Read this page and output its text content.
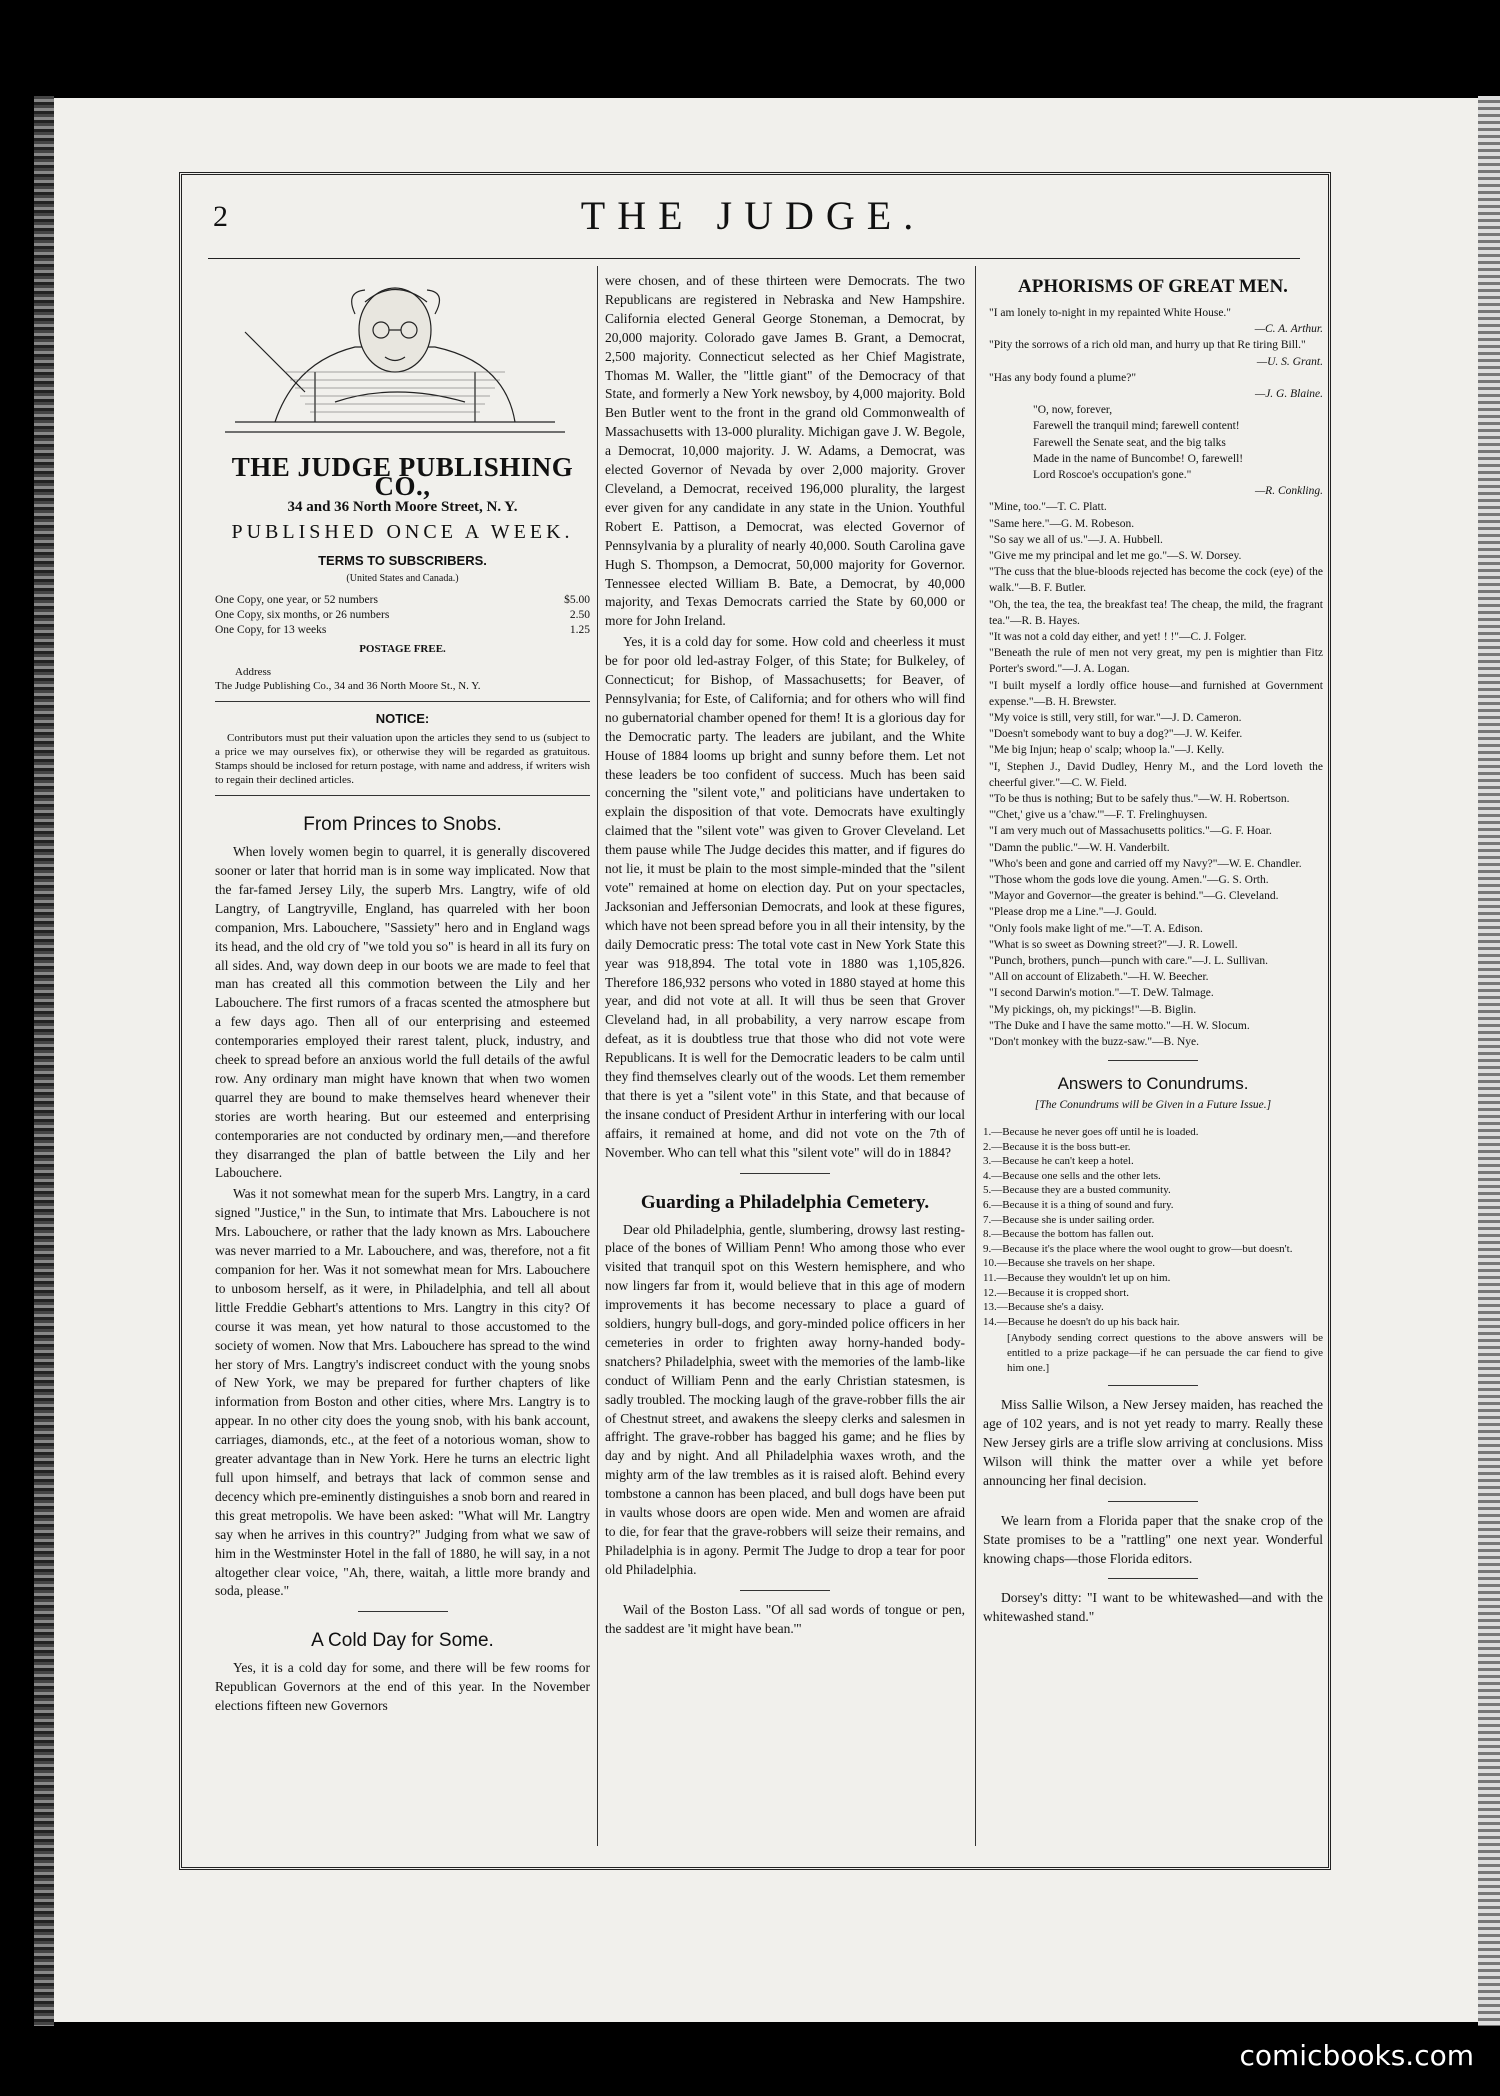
2	THE JUDGE.
THE JUDGE PUBLISHING CO.,
34 and 36 North Moore Street, N. Y.
PUBLISHED ONCE A WEEK.
TERMS TO SUBSCRIBERS.
(United States and Canada.)
One Copy, one year, or 52 numbers	$5.00
One Copy, six months, or 26 numbers	2.50
One Copy, for 13 weeks	1.25
POSTAGE FREE.
Address
The Judge Publishing Co., 34 and 36 North Moore St., N. Y.
NOTICE:
Contributors must put their valuation upon the articles they send to us (subject to a price we may ourselves fix), or otherwise they will be regarded as gratuitous. Stamps should be inclosed for return postage, with name and address, if writers wish to regain their declined articles.
From Princes to Snobs.

When lovely women begin to quarrel, it is generally discovered sooner or later that horrid man is in some way implicated. Now that the far-famed Jersey Lily, the superb Mrs. Langtry, wife of old Langtry, of Langtryville, England, has quarreled with her boon companion, Mrs. Labouchere, "Sassiety" hero and in England wags its head, and the old cry of "we told you so" is heard in all its fury on all sides. And, way down deep in our boots we are made to feel that man has created all this commotion between the Lily and her Labouchere. The first rumors of a fracas scented the atmosphere but a few days ago. Then all of our enterprising and esteemed contemporaries employed their rarest talent, pluck, industry, and cheek to spread before an anxious world the full details of the awful row. Any ordinary man might have known that when two women quarrel they are bound to make themselves heard whenever their stories are worth hearing. But our esteemed and enterprising contemporaries are not conducted by ordinary men,—and therefore they disarranged the plan of battle between the Lily and her Labouchere.

Was it not somewhat mean for the superb Mrs. Langtry, in a card signed "Justice," in the Sun, to intimate that Mrs. Labouchere is not Mrs. Labouchere, or rather that the lady known as Mrs. Labouchere was never married to a Mr. Labouchere, and was, therefore, not a fit companion for her. Was it not somewhat mean for Mrs. Labouchere to unbosom herself, as it were, in Philadelphia, and tell all about little Freddie Gebhart's attentions to Mrs. Langtry in this city? Of course it was mean, yet how natural to those accustomed to the society of women. Now that Mrs. Labouchere has spread to the wind her story of Mrs. Langtry's indiscreet conduct with the young snobs of New York, we may be prepared for further chapters of like information from Boston and other cities, where Mrs. Langtry is to appear. In no other city does the young snob, with his bank account, carriages, diamonds, etc., at the feet of a notorious woman, show to greater advantage than in New York. Here he turns an electric light full upon himself, and betrays that lack of common sense and decency which pre-eminently distinguishes a snob born and reared in this great metropolis. We have been asked: "What will Mr. Langtry say when he arrives in this country?" Judging from what we saw of him in the Westminster Hotel in the fall of 1880, he will say, in a not altogether clear voice, "Ah, there, waitah, a little more brandy and soda, please."

A Cold Day for Some.

Yes, it is a cold day for some, and there will be few rooms for Republican Governors at the end of this year. In the November elections fifteen new Governors

were chosen, and of these thirteen were Democrats. The two Republicans are registered in Nebraska and New Hampshire. California elected General George Stoneman, a Democrat, by 20,000 majority. Colorado gave James B. Grant, a Democrat, 2,500 majority. Connecticut selected as her Chief Magistrate, Thomas M. Waller, the "little giant" of the Democracy of that State, and formerly a New York newsboy, by 4,000 majority. Bold Ben Butler went to the front in the grand old Commonwealth of Massachusetts with 13-000 plurality. Michigan gave J. W. Begole, a Democrat, 10,000 majority. J. W. Adams, a Democrat, was elected Governor of Nevada by over 2,000 majority. Grover Cleveland, a Democrat, received 196,000 plurality, the largest ever given for any candidate in any state in the Union. Youthful Robert E. Pattison, a Democrat, was elected Governor of Pennsylvania by a plurality of nearly 40,000. South Carolina gave Hugh S. Thompson, a Democrat, 50,000 majority for Governor. Tennessee elected William B. Bate, a Democrat, by 40,000 majority, and Texas Democrats carried the State by 60,000 or more for John Ireland.

Yes, it is a cold day for some. How cold and cheerless it must be for poor old led-astray Folger, of this State; for Bulkeley, of Connecticut; for Bishop, of Massachusetts; for Beaver, of Pennsylvania; for Este, of California; and for others who will find no gubernatorial chamber opened for them! It is a glorious day for the Democratic party. The leaders are jubilant, and the White House of 1884 looms up bright and sunny before them. Let not these leaders be too confident of success. Much has been said concerning the "silent vote," and politicians have undertaken to explain the disposition of that vote. Democrats have exultingly claimed that the "silent vote" was given to Grover Cleveland. Let them pause while The Judge decides this matter, and if figures do not lie, it must be plain to the most simple-minded that the "silent vote" remained at home on election day. Put on your spectacles, Jacksonian and Jeffersonian Democrats, and look at these figures, which have not been spread before you in all their intensity, by the daily Democratic press: The total vote cast in New York State this year was 918,894. The total vote in 1880 was 1,105,826. Therefore 186,932 persons who voted in 1880 stayed at home this year, and did not vote at all. It will thus be seen that Grover Cleveland had, in all probability, a very narrow escape from defeat, as it is doubtless true that those who did not vote were Republicans. It is well for the Democratic leaders to be calm until they find themselves clearly out of the woods. Let them remember that there is yet a "silent vote" in this State, and that because of the insane conduct of President Arthur in interfering with our local affairs, it remained at home, and did not vote on the 7th of November. Who can tell what this "silent vote" will do in 1884?

Guarding a Philadelphia Cemetery.

Dear old Philadelphia, gentle, slumbering, drowsy last resting-place of the bones of William Penn! Who among those who ever visited that tranquil spot on this Western hemisphere, and who now lingers far from it, would believe that in this age of modern improvements it has become necessary to place a guard of soldiers, hungry bull-dogs, and gory-minded police officers in her cemeteries in order to frighten away horny-handed body-snatchers? Philadelphia, sweet with the memories of the lamb-like conduct of William Penn and the early Christian statesmen, is sadly troubled. The mocking laugh of the grave-robber fills the air of Chestnut street, and awakens the sleepy clerks and salesmen in affright. The grave-robber has bagged his game; and he flies by day and by night. And all Philadelphia waxes wroth, and the mighty arm of the law trembles as it is raised aloft. Behind every tombstone a cannon has been placed, and bull dogs have been put in vaults whose doors are open wide. Men and women are afraid to die, for fear that the grave-robbers will seize their remains, and Philadelphia is in agony. Permit The Judge to drop a tear for poor old Philadelphia.

Wail of the Boston Lass. "Of all sad words of tongue or pen, the saddest are 'it might have bean.'"

APHORISMS OF GREAT MEN.
"I am lonely to-night in my repainted White House."
—C. A. Arthur.
"Pity the sorrows of a rich old man, and hurry up that Re tiring Bill."
—U. S. Grant.
"Has any body found a plume?"
—J. G. Blaine.
"O, now, forever,
Farewell the tranquil mind; farewell content!
Farewell the Senate seat, and the big talks
Made in the name of Buncombe! O, farewell!
Lord Roscoe's occupation's gone."
—R. Conkling.
"Mine, too."—T. C. Platt.
"Same here."—G. M. Robeson.
"So say we all of us."—J. A. Hubbell.
"Give me my principal and let me go."—S. W. Dorsey.
"The cuss that the blue-bloods rejected has become the cock (eye) of the walk."—B. F. Butler.
"Oh, the tea, the tea, the breakfast tea! The cheap, the mild, the fragrant tea."—R. B. Hayes.
"It was not a cold day either, and yet! ! !"—C. J. Folger.
"Beneath the rule of men not very great, my pen is mightier than Fitz Porter's sword."—J. A. Logan.
"I built myself a lordly office house—and furnished at Government expense."—B. H. Brewster.
"My voice is still, very still, for war."—J. D. Cameron.
"Doesn't somebody want to buy a dog?"—J. W. Keifer.
"Me big Injun; heap o' scalp; whoop la."—J. Kelly.
"I, Stephen J., David Dudley, Henry M., and the Lord loveth the cheerful giver."—C. W. Field.
"To be thus is nothing; But to be safely thus."—W. H. Robertson.
"'Chet,' give us a 'chaw.'"—F. T. Frelinghuysen.
"I am very much out of Massachusetts politics."—G. F. Hoar.
"Damn the public."—W. H. Vanderbilt.
"Who's been and gone and carried off my Navy?"—W. E. Chandler.
"Those whom the gods love die young. Amen."—G. S. Orth.
"Mayor and Governor—the greater is behind."—G. Cleveland.
"Please drop me a Line."—J. Gould.
"Only fools make light of me."—T. A. Edison.
"What is so sweet as Downing street?"—J. R. Lowell.
"Punch, brothers, punch—punch with care."—J. L. Sullivan.
"All on account of Elizabeth."—H. W. Beecher.
"I second Darwin's motion."—T. DeW. Talmage.
"My pickings, oh, my pickings!"—B. Biglin.
"The Duke and I have the same motto."—H. W. Slocum.
"Don't monkey with the buzz-saw."—B. Nye.
Answers to Conundrums.
[The Conundrums will be Given in a Future Issue.]
1.—Because he never goes off until he is loaded.
2.—Because it is the boss butt-er.
3.—Because he can't keep a hotel.
4.—Because one sells and the other lets.
5.—Because they are a busted community.
6.—Because it is a thing of sound and fury.
7.—Because she is under sailing order.
8.—Because the bottom has fallen out.
9.—Because it's the place where the wool ought to grow—but doesn't.
10.—Because she travels on her shape.
11.—Because they wouldn't let up on him.
12.—Because it is cropped short.
13.—Because she's a daisy.
14.—Because he doesn't do up his back hair.
[Anybody sending correct questions to the above answers will be entitled to a prize package—if he can persuade the car fiend to give him one.]

Miss Sallie Wilson, a New Jersey maiden, has reached the age of 102 years, and is not yet ready to marry. Really these New Jersey girls are a trifle slow arriving at conclusions. Miss Wilson will think the matter over a while yet before announcing her final decision.

We learn from a Florida paper that the snake crop of the State promises to be a "rattling" one next year. Wonderful knowing chaps—those Florida editors.

Dorsey's ditty: "I want to be whitewashed—and with the whitewashed stand."

comicbooks.com
